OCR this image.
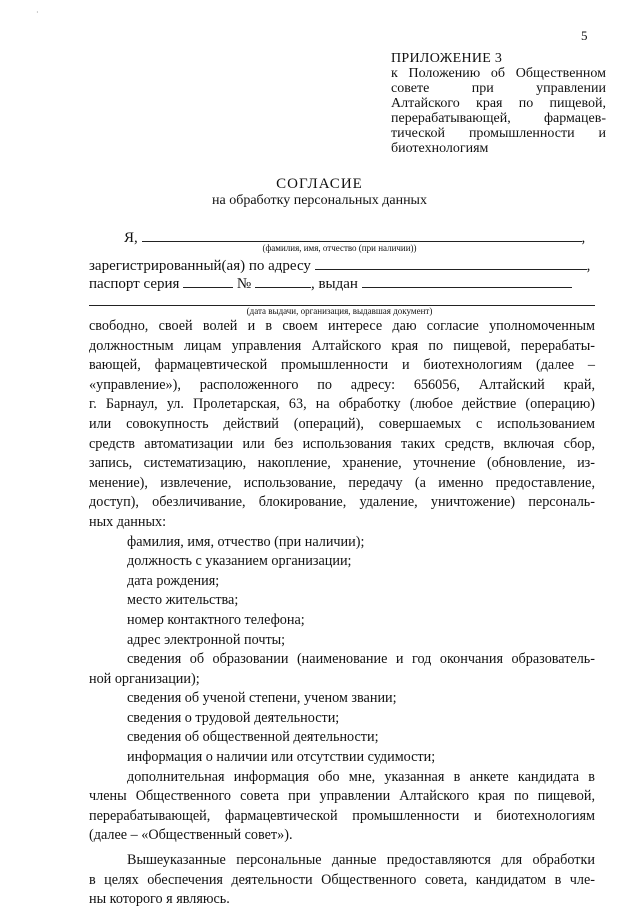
·
5
ПРИЛОЖЕНИЕ 3
к Положению об Общественном
совете при управлении
Алтайского края по пищевой,
перерабатывающей, фармацев-
тической промышленности и
биотехнологиям
СОГЛАСИЕ
на обработку персональных данных
Я,	,
(фамилия, имя, отчество (при наличии))
зарегистрированный(ая) по адресу	,
паспорт серия	№	, выдан
(дата выдачи, организация, выдавшая документ)
свободно, своей волей и в своем интересе даю согласие уполномоченным
должностным лицам управления Алтайского края по пищевой, перерабаты-
вающей, фармацевтической промышленности и биотехнологиям (далее –
«управление»), расположенного по адресу: 656056, Алтайский край,
г. Барнаул, ул. Пролетарская, 63, на обработку (любое действие (операцию)
или совокупность действий (операций), совершаемых с использованием
средств автоматизации или без использования таких средств, включая сбор,
запись, систематизацию, накопление, хранение, уточнение (обновление, из-
менение), извлечение, использование, передачу (а именно предоставление,
доступ), обезличивание, блокирование, удаление, уничтожение) персональ-
ных данных:
фамилия, имя, отчество (при наличии);
должность с указанием организации;
дата рождения;
место жительства;
номер контактного телефона;
адрес электронной почты;
сведения об образовании (наименование и год окончания образователь-
ной организации);
сведения об ученой степени, ученом звании;
сведения о трудовой деятельности;
сведения об общественной деятельности;
информация о наличии или отсутствии судимости;
дополнительная информация обо мне, указанная в анкете кандидата в
члены Общественного совета при управлении Алтайского края по пищевой,
перерабатывающей, фармацевтической промышленности и биотехнологиям
(далее – «Общественный совет»).
Вышеуказанные персональные данные предоставляются для обработки
в целях обеспечения деятельности Общественного совета, кандидатом в чле-
ны которого я являюсь.
